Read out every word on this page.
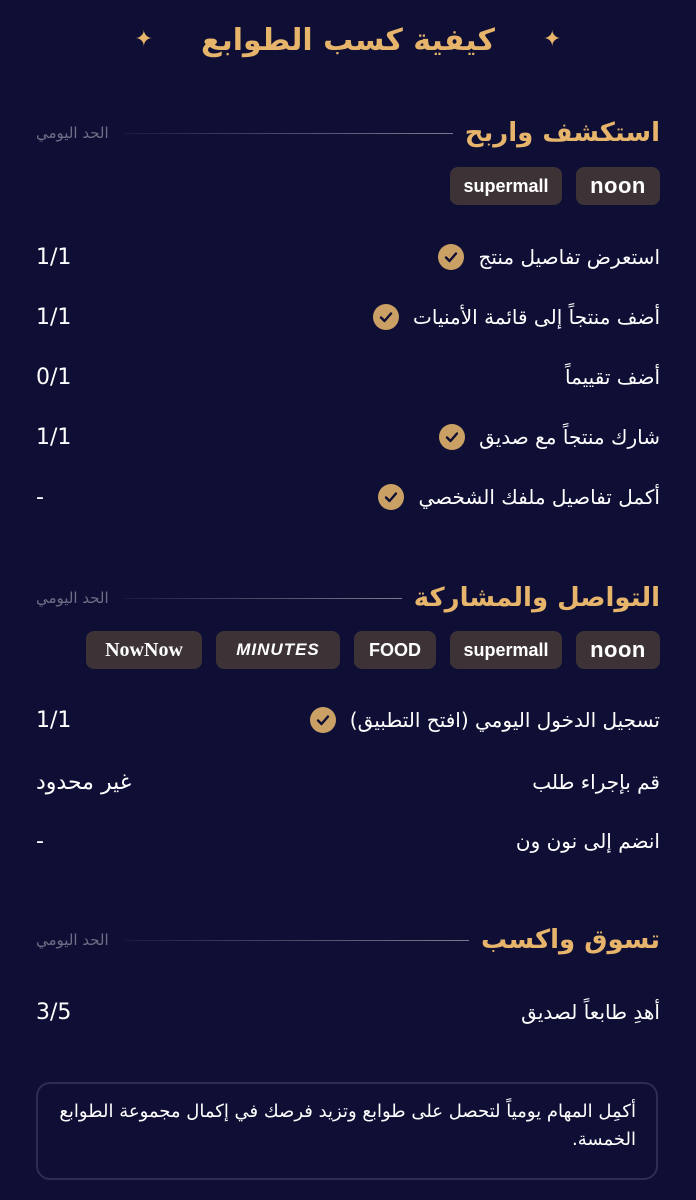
✦ كيفية كسب الطوابع ✦
استكشف واربح
الحد اليومي
noon
supermall
استعرض تفاصيل منتج
1/1
أضف منتجاً إلى قائمة الأمنيات
1/1
أضف تقييماً
0/1
شارك منتجاً مع صديق
1/1
أكمل تفاصيل ملفك الشخصي
-
التواصل والمشاركة
الحد اليومي
noon
supermall
FOOD
MINUTES
NowNow
تسجيل الدخول اليومي (افتح التطبيق)
1/1
قم بإجراء طلب
غير محدود
انضم إلى نون ون
-
تسوق واكسب
الحد اليومي
أهدِ طابعاً لصديق
3/5
أكمِل المهام يومياً لتحصل على طوابع وتزيد فرصك في إكمال مجموعة الطوابع الخمسة.
